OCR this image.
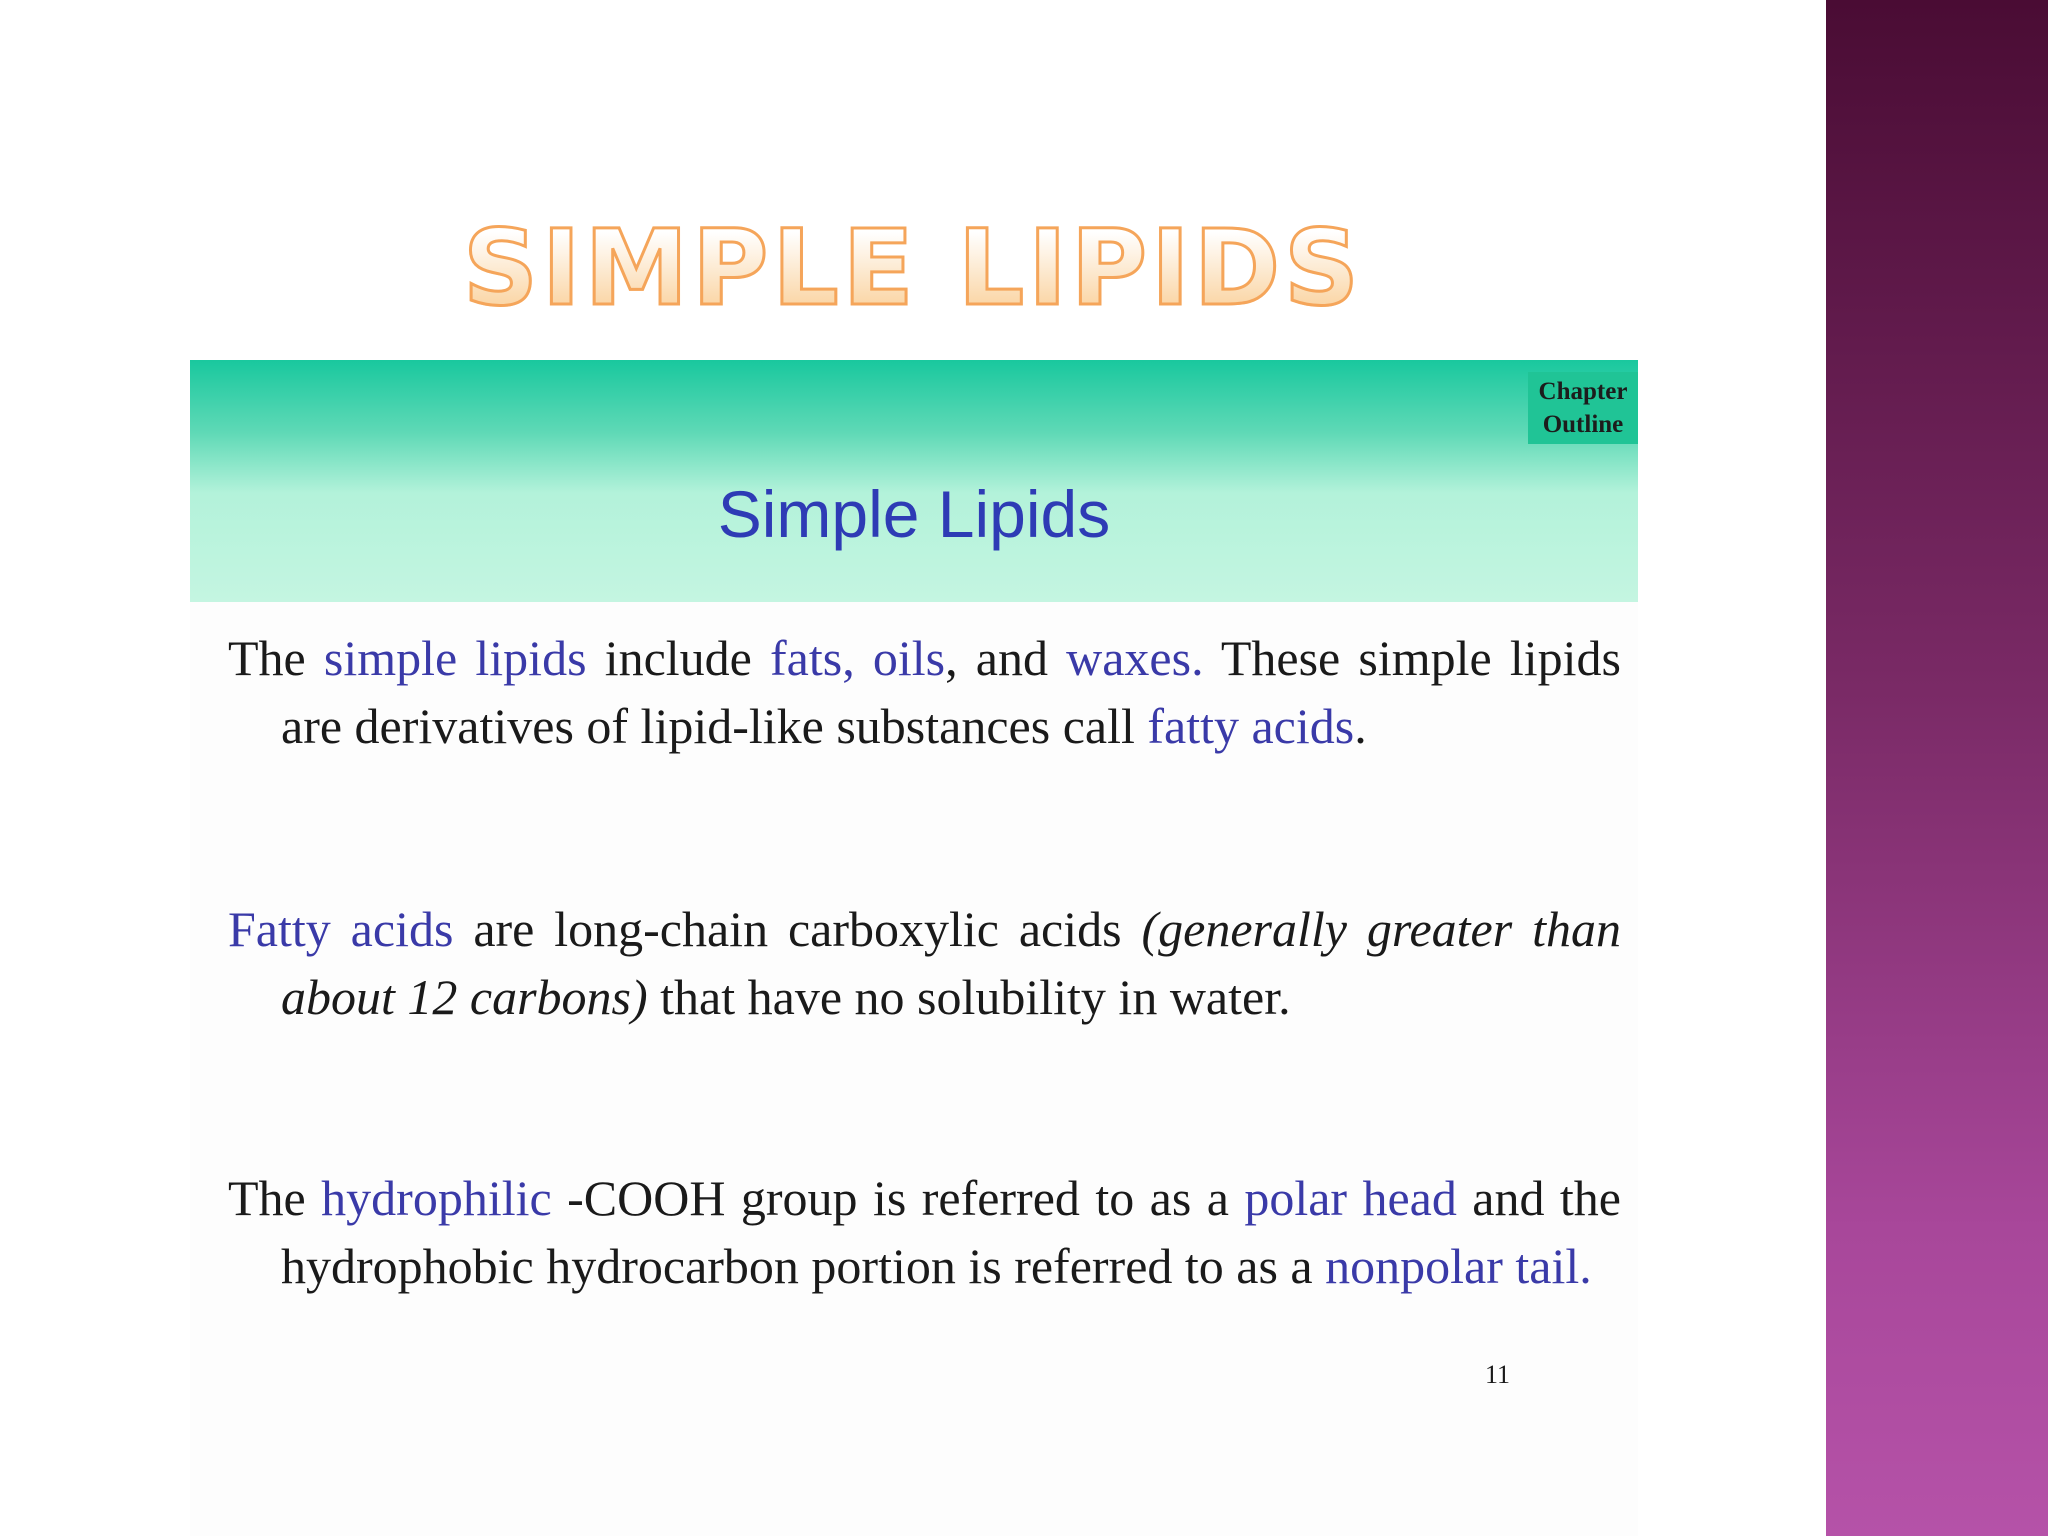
SIMPLE LIPIDS
Simple Lipids
Chapter
Outline

The simple lipids include fats, oils, and waxes. These simple lipids are derivatives of lipid-like substances call fatty acids.

Fatty acids are long-chain carboxylic acids (generally greater than about 12 carbons) that have no solubility in water.

The hydrophilic -COOH group is referred to as a polar head and the hydrophobic hydrocarbon portion is referred to as a nonpolar tail.

11
